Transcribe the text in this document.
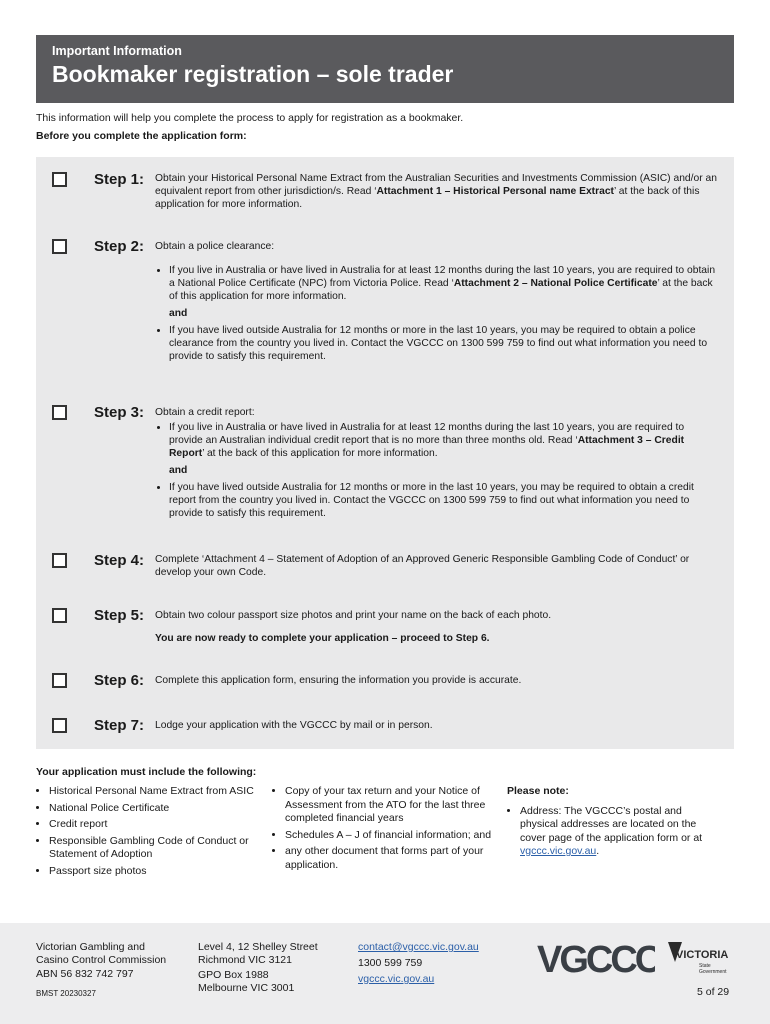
Important Information
Bookmaker registration – sole trader
This information will help you complete the process to apply for registration as a bookmaker.
Before you complete the application form:
Step 1: Obtain your Historical Personal Name Extract from the Australian Securities and Investments Commission (ASIC) and/or an equivalent report from other jurisdiction/s. Read ‘Attachment 1 – Historical Personal name Extract’ at the back of this application for more information.

Step 2: Obtain a police clearance:

• If you live in Australia or have lived in Australia for at least 12 months during the last 10 years, you are required to obtain a National Police Certificate (NPC) from Victoria Police. Read ‘Attachment 2 – National Police Certificate’ at the back of this application for more information.

and

• If you have lived outside Australia for 12 months or more in the last 10 years, you may be required to obtain a police clearance from the country you lived in. Contact the VGCCC on 1300 599 759 to find out what information you need to provide to satisfy this requirement.
Step 3: Obtain a credit report:

• If you live in Australia or have lived in Australia for at least 12 months during the last 10 years, you are required to provide an Australian individual credit report that is no more than three months old. Read ‘Attachment 3 – Credit Report’ at the back of this application for more information.

and

• If you have lived outside Australia for 12 months or more in the last 10 years, you may be required to obtain a credit report from the country you lived in. Contact the VGCCC on 1300 599 759 to find out what information you need to provide to satisfy this requirement.
Step 4: Complete ‘Attachment 4 – Statement of Adoption of an Approved Generic Responsible Gambling Code of Conduct’ or develop your own Code.
Step 5: Obtain two colour passport size photos and print your name on the back of each photo.

You are now ready to complete your application – proceed to Step 6.

Step 6: Complete this application form, ensuring the information you provide is accurate.
Step 7: Lodge your application with the VGCCC by mail or in person.
Your application must include the following:
• Historical Personal Name Extract from ASIC
• National Police Certificate
• Credit report
• Responsible Gambling Code of Conduct or Statement of Adoption
• Passport size photos
• Copy of your tax return and your Notice of Assessment from the ATO for the last three completed financial years
• Schedules A – J of financial information; and
• any other document that forms part of your application.
Please note:
• Address: The VGCCC’s postal and physical addresses are located on the cover page of the application form or at vgccc.vic.gov.au.
Victorian Gambling and
Casino Control Commission
ABN 56 832 742 797
BMST 20230327
Level 4, 12 Shelley Street
Richmond VIC 3121
GPO Box 1988
Melbourne VIC 3001
contact@vgccc.vic.gov.au
1300 599 759
vgccc.vic.gov.au	VGCCC VICTORIA
State
Government
5 of 29
